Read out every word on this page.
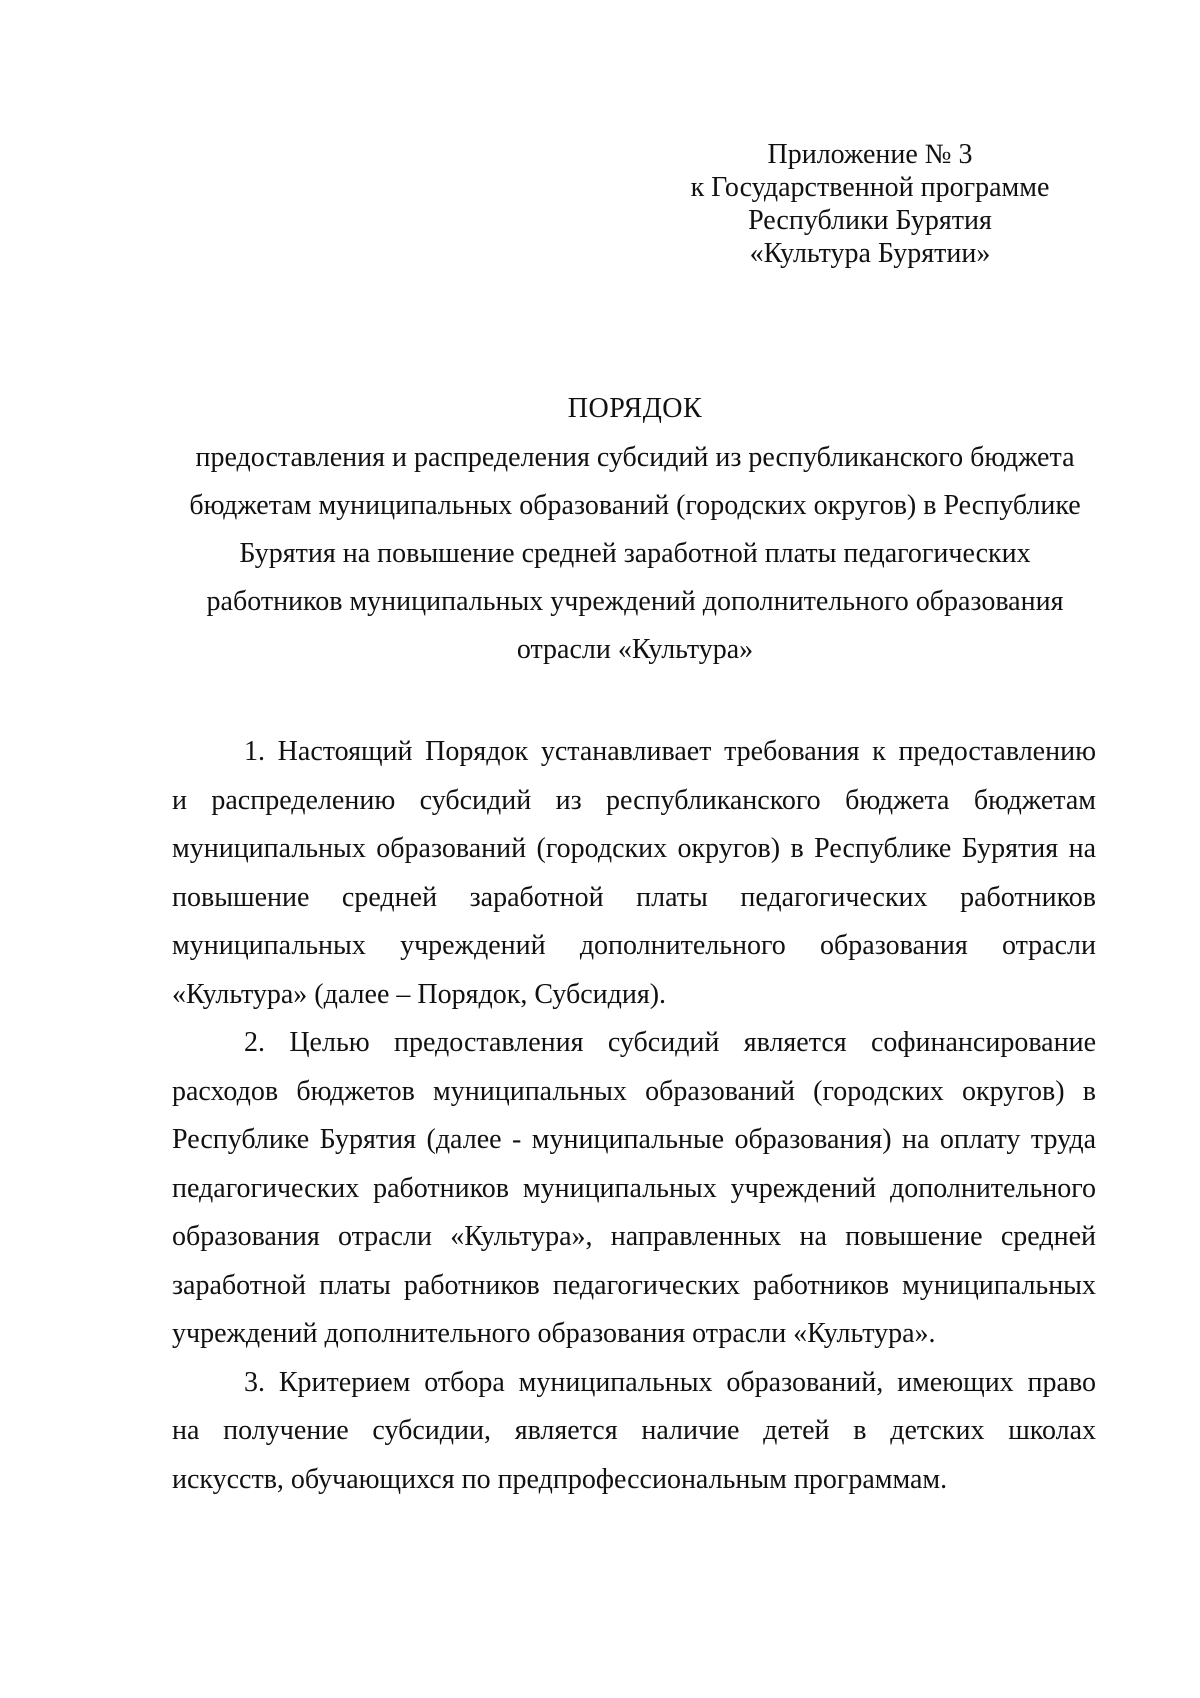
Приложение № 3
к Государственной программе
Республики Бурятия
«Культура Бурятии»
ПОРЯДОК
предоставления и распределения субсидий из республиканского бюджета
бюджетам муниципальных образований (городских округов) в Республике
Бурятия на повышение средней заработной платы педагогических
работников муниципальных учреждений дополнительного образования
отрасли «Культура»

1. Настоящий Порядок устанавливает требования к предоставлению
и распределению субсидий из республиканского бюджета бюджетам
муниципальных образований (городских округов) в Республике Бурятия на
повышение средней заработной платы педагогических работников
муниципальных учреждений дополнительного образования отрасли
«Культура» (далее – Порядок, Субсидия).

2. Целью предоставления субсидий является софинансирование
расходов бюджетов муниципальных образований (городских округов) в
Республике Бурятия (далее - муниципальные образования) на оплату труда
педагогических работников муниципальных учреждений дополнительного
образования отрасли «Культура», направленных на повышение средней
заработной платы работников педагогических работников муниципальных
учреждений дополнительного образования отрасли «Культура».

3. Критерием отбора муниципальных образований, имеющих право
на получение субсидии, является наличие детей в детских школах
искусств, обучающихся по предпрофессиональным программам.
